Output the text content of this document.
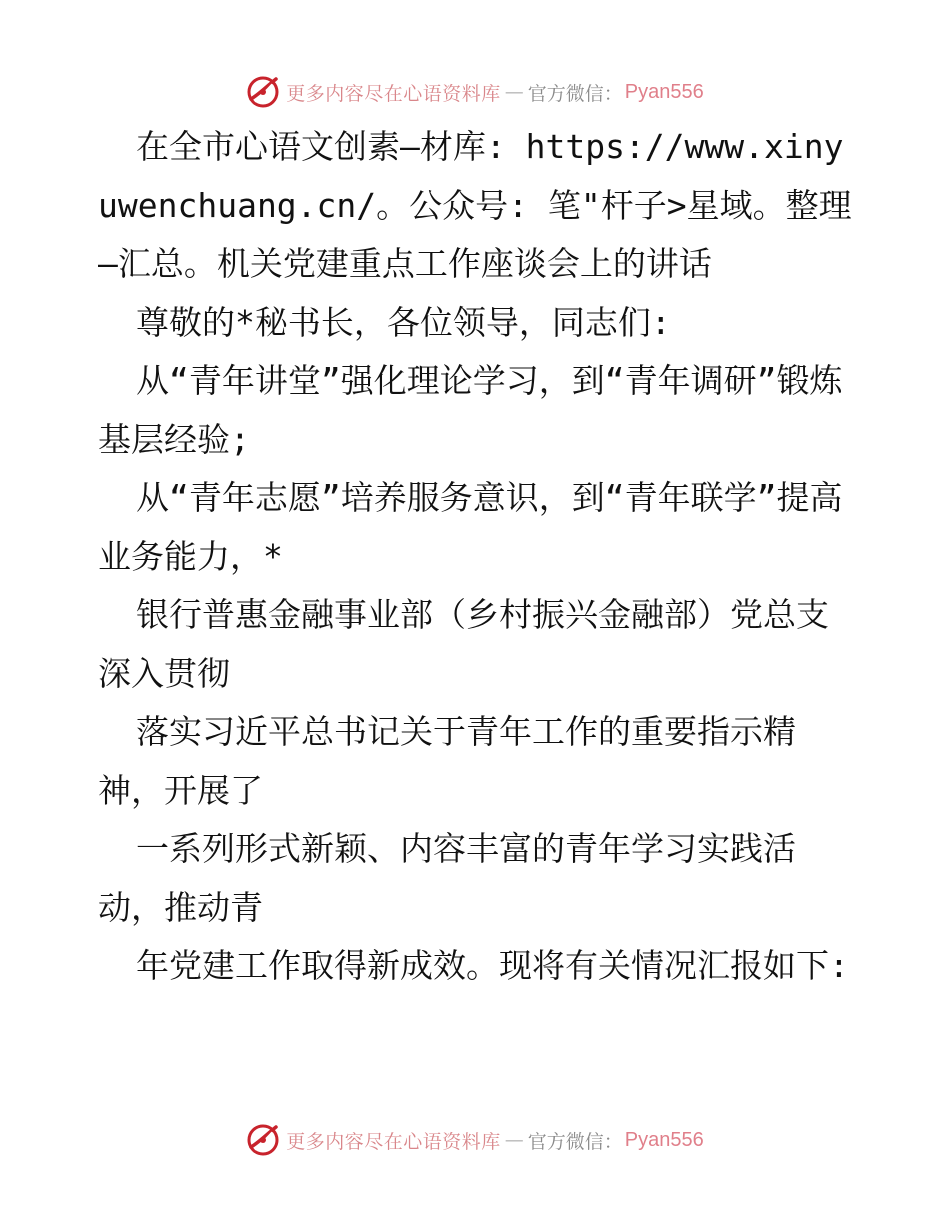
更多内容尽在心语资料库 — 官方微信： Pyan556

在全市心语文创素—材库: https://www.xinyuwenchuang.cn/。公众号: 笔"杆子>星域。整理—汇总。机关党建重点工作座谈会上的讲话

尊敬的*秘书长，各位领导，同志们:

从“青年讲堂”强化理论学习，到“青年调研”锻炼基层经验;

从“青年志愿”培养服务意识，到“青年联学”提高业务能力，*

银行普惠金融事业部（乡村振兴金融部）党总支深入贯彻

落实习近平总书记关于青年工作的重要指示精神，开展了

一系列形式新颖、内容丰富的青年学习实践活动，推动青

年党建工作取得新成效。现将有关情况汇报如下:

更多内容尽在心语资料库 — 官方微信： Pyan556
